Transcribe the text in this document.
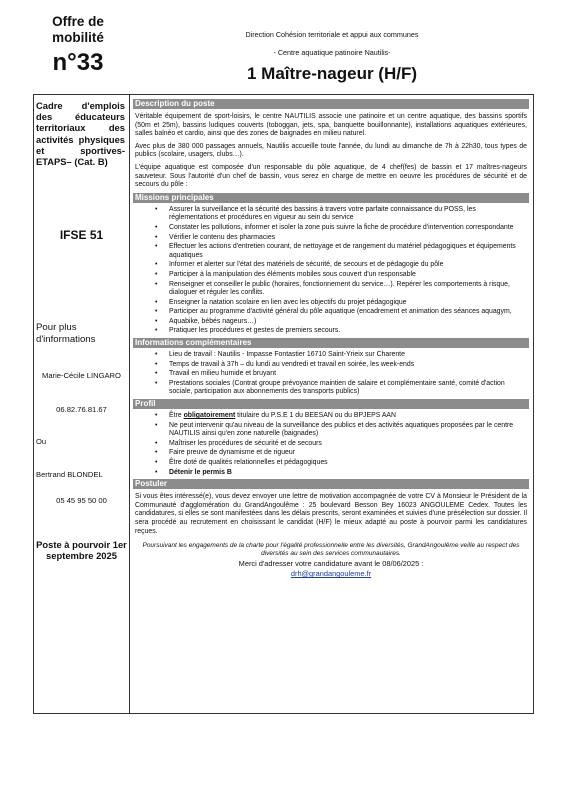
Offre de
mobilité
n°33
Direction Cohésion territoriale et appui aux communes
- Centre aquatique patinoire Nautilis-
1 Maître-nageur (H/F)
Cadre d'emplois des éducateurs territoriaux des activités physiques et sportives-ETAPS– (Cat. B)
IFSE 51
Pour plus
d'informations
Marie-Cécile LINGARO
06.82.76.81.67
Ou
Bertrand BLONDEL
05 45 95 50 00
Poste à pourvoir 1er septembre 2025
Description du poste
Véritable équipement de sport-loisirs, le centre NAUTILIS associe une patinoire et un centre aquatique, des bassins sportifs (50m et 25m), bassins ludiques couverts (toboggan, jets, spa, banquette bouillonnante), installations aquatiques extérieures, salles balnéo et cardio, ainsi que des zones de baignades en milieu naturel.
Avec plus de 380 000 passages annuels, Nautilis accueille toute l'année, du lundi au dimanche de 7h à 22h30, tous types de publics (scolaire, usagers, clubs…).
L'équipe aquatique est composée d'un responsable du pôle aquatique, de 4 chef(fes) de bassin et 17 maîtres-nageurs sauveteur. Sous l'autorité d'un chef de bassin, vous serez en charge de mettre en oeuvre les procédures de sécurité et de secours du pôle :
Missions principales
• Assurer la surveillance et la sécurité des bassins à travers votre parfaite connaissance du POSS, les réglementations et procédures en vigueur au sein du service
• Constater les pollutions, informer et isoler la zone puis suivre la fiche de procédure d'intervention correspondante
• Vérifier le contenu des pharmacies
• Effectuer les actions d'entretien courant, de nettoyage et de rangement du matériel pédagogiques et équipements aquatiques
• Informer et alerter sur l'état des matériels de sécurité, de secours et de pédagogie du pôle
• Participer à la manipulation des éléments mobiles sous couvert d'un responsable
• Renseigner et conseiller le public (horaires, fonctionnement du service…). Repérer les comportements à risque, dialoguer et réguler les conflits.
• Enseigner la natation scolaire en lien avec les objectifs du projet pédagogique
• Participer au programme d'activité général du pôle aquatique (encadrement et animation des séances aquagym,
• Aquabike, bébés nageurs…)
• Pratiquer les procédures et gestes de premiers secours.
Informations complémentaires
• Lieu de travail : Nautilis - Impasse Fontastier 16710 Saint-Yrieix sur Charente
• Temps de travail à 37h – du lundi au vendredi et travail en soirée, les week-ends
• Travail en milieu humide et bruyant
• Prestations sociales (Contrat groupe prévoyance maintien de salaire et complémentaire santé, comité d'action sociale, participation aux abonnements des transports publics)
Profil
• Être obligatoirement titulaire du P.S.E 1 du BEESAN ou du BPJEPS AAN
• Ne peut intervenir qu'au niveau de la surveillance des publics et des activités aquatiques proposées par le centre NAUTILIS ainsi qu'en zone naturelle (baignades)
• Maîtriser les procédures de sécurité et de secours
• Faire preuve de dynamisme et de rigueur
• Être doté de qualités relationnelles et pédagogiques
• Détenir le permis B
Postuler
Si vous êtes intéressé(e), vous devez envoyer une lettre de motivation accompagnée de votre CV à Monsieur le Président de la Communauté d'agglomération du GrandAngoulême : 25 boulevard Besson Bey 16023 ANGOULEME Cedex. Toutes les candidatures, si elles se sont manifestées dans les délais prescrits, seront examinées et suivies d'une présélection sur dossier. Il sera procédé au recrutement en choisissant le candidat (H/F) le mieux adapté au poste à pourvoir parmi les candidatures reçues.
Poursuivant les engagements de la charte pour l'égalité professionnelle entre les diversités, GrandAngoulême veille au respect des diversités au sein des services communautaires.
Merci d'adresser votre candidature avant le 08/06/2025 :
drh@grandangouleme.fr
